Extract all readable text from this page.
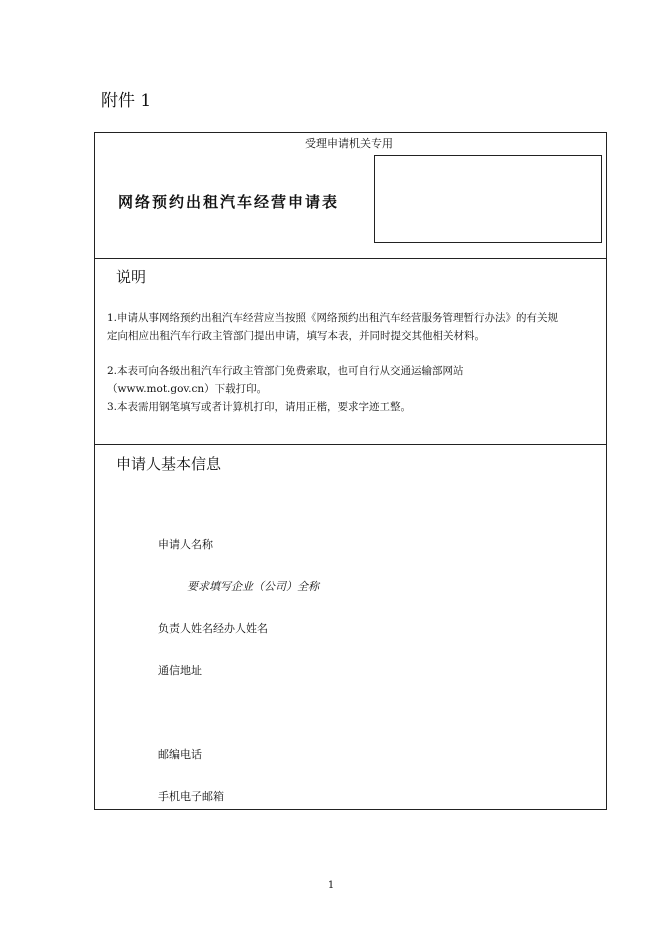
附件 1
受理申请机关专用
网络预约出租汽车经营申请表
说明
1.申请从事网络预约出租汽车经营应当按照《网络预约出租汽车经营服务管理暂行办法》的有关规定向相应出租汽车行政主管部门提出申请，填写本表，并同时提交其他相关材料。
2.本表可向各级出租汽车行政主管部门免费索取，也可自行从交通运输部网站（www.mot.gov.cn）下载打印。
3.本表需用钢笔填写或者计算机打印，请用正楷，要求字迹工整。
申请人基本信息
申请人名称
要求填写企业（公司）全称
负责人姓名经办人姓名
通信地址
邮编电话
手机电子邮箱
1
